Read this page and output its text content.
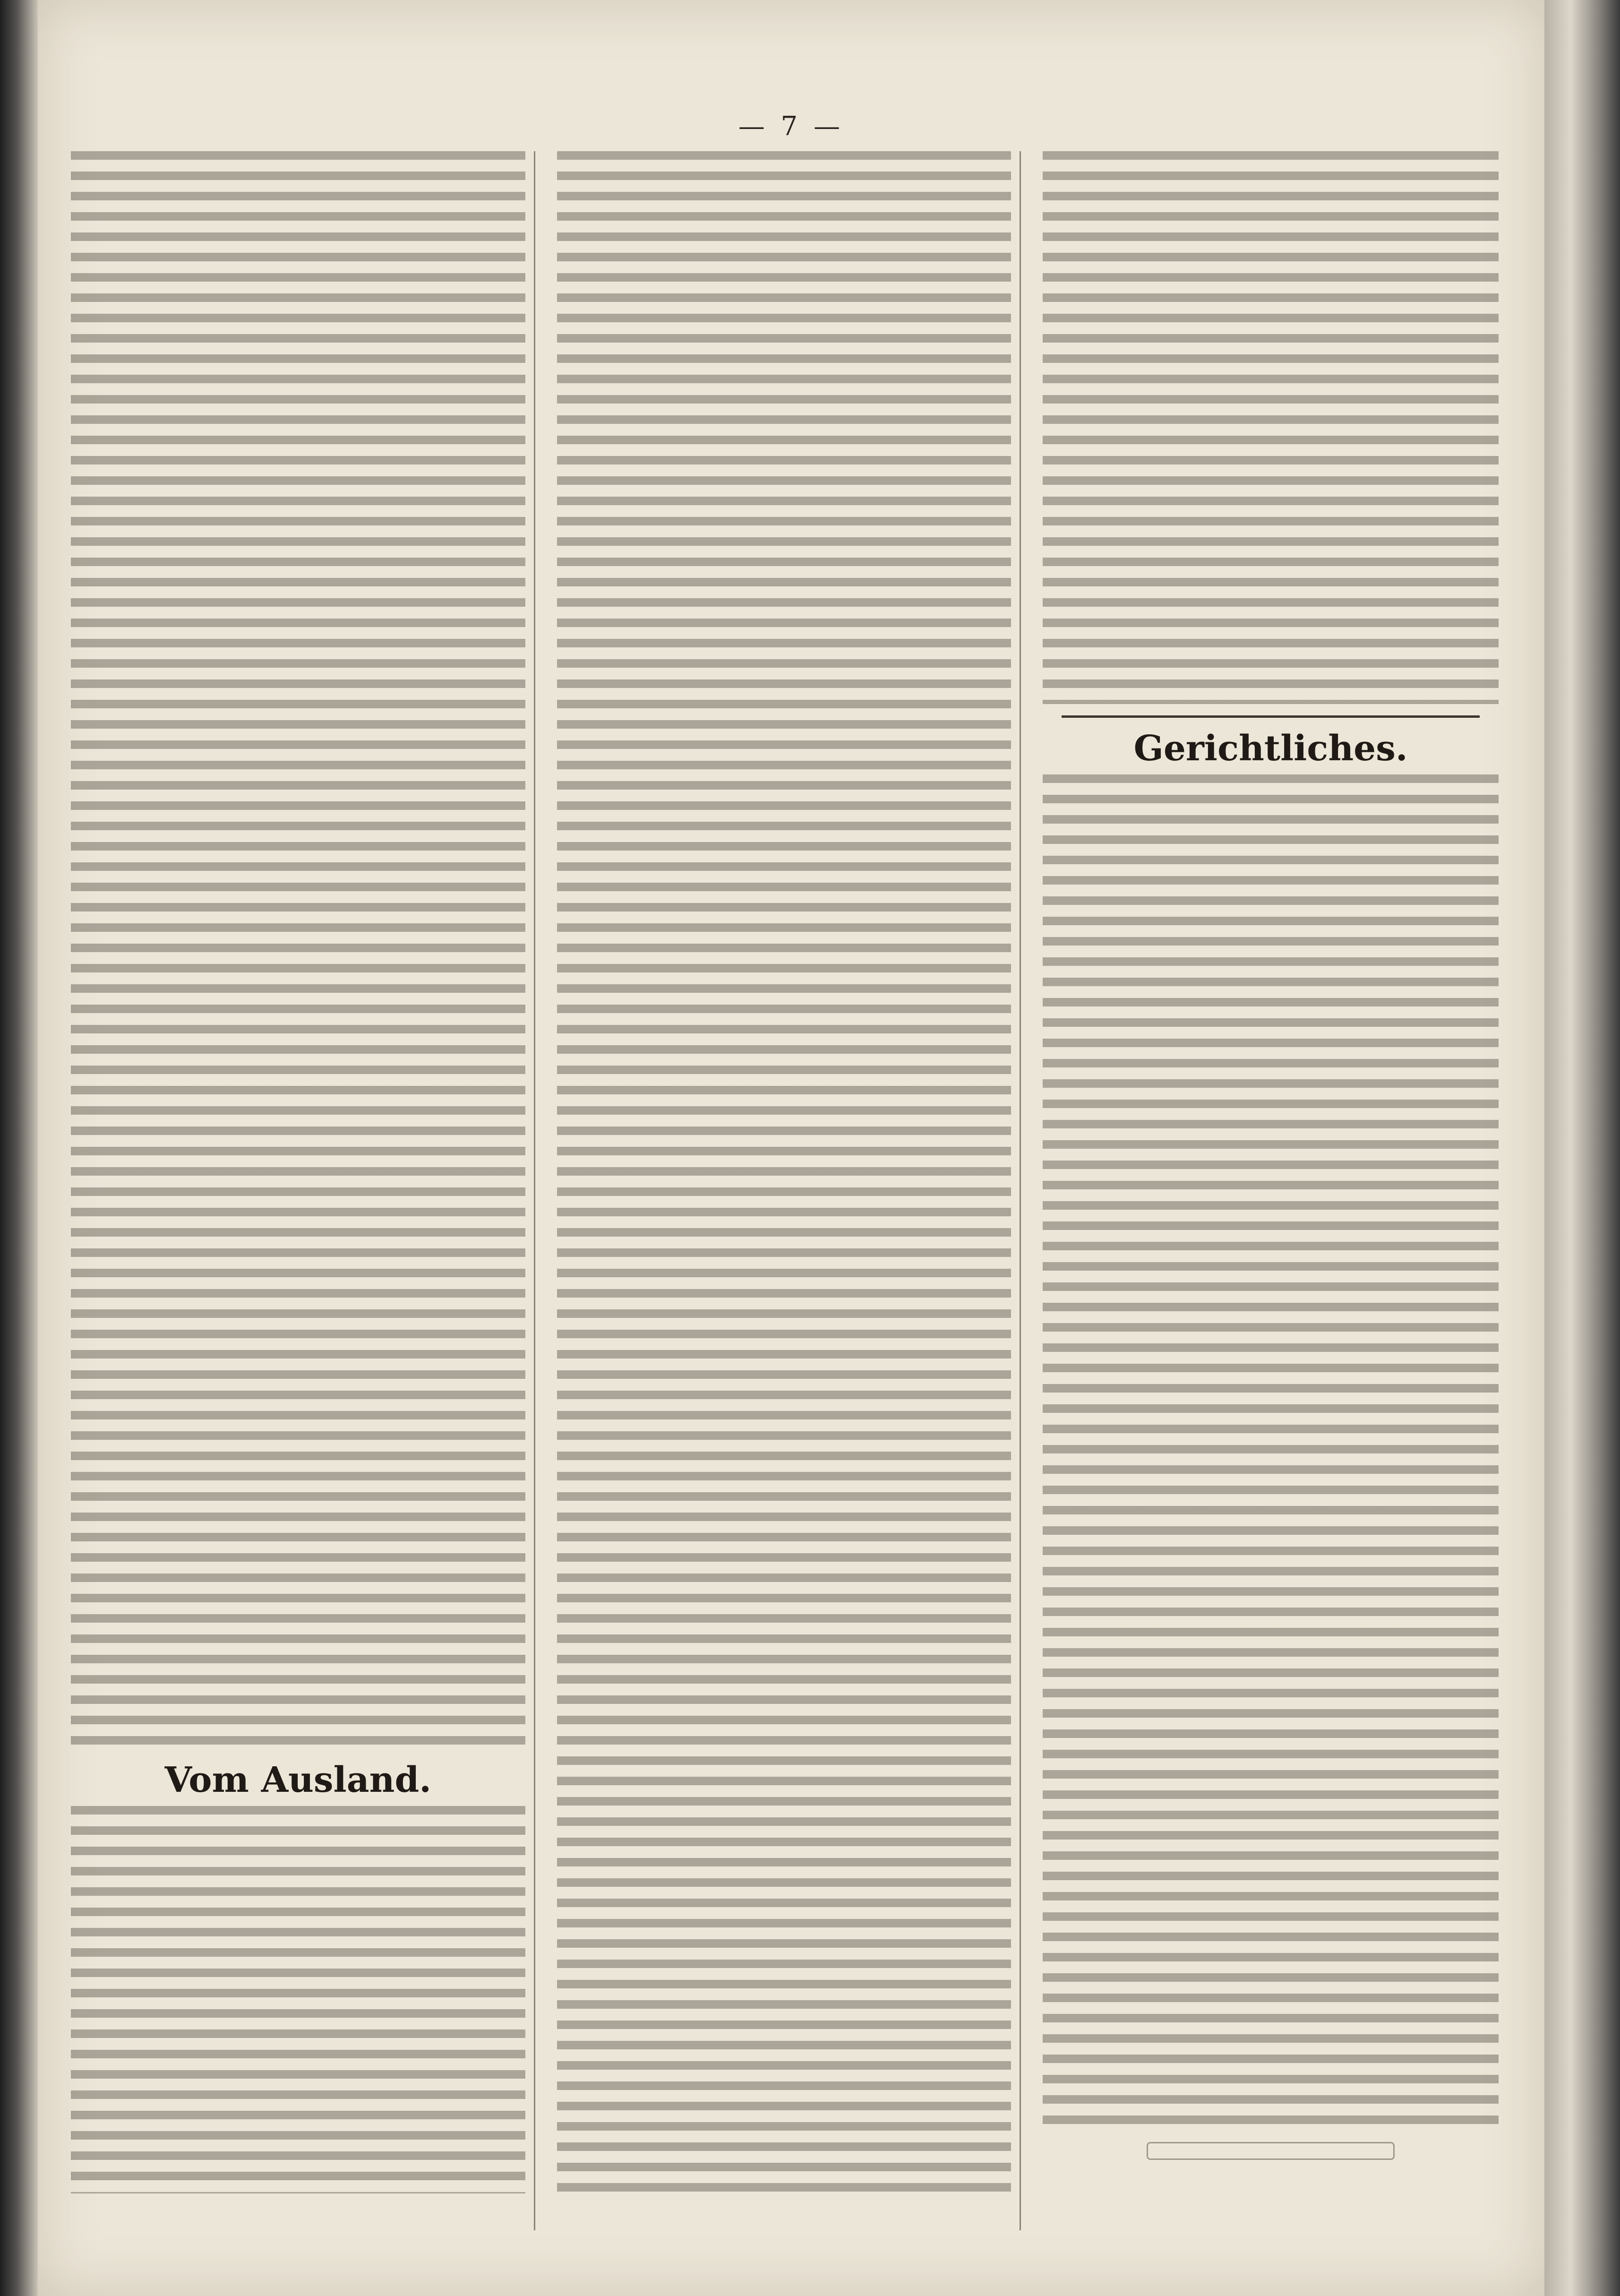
— 7 —
Vom Ausland.
Gerichtliches.
